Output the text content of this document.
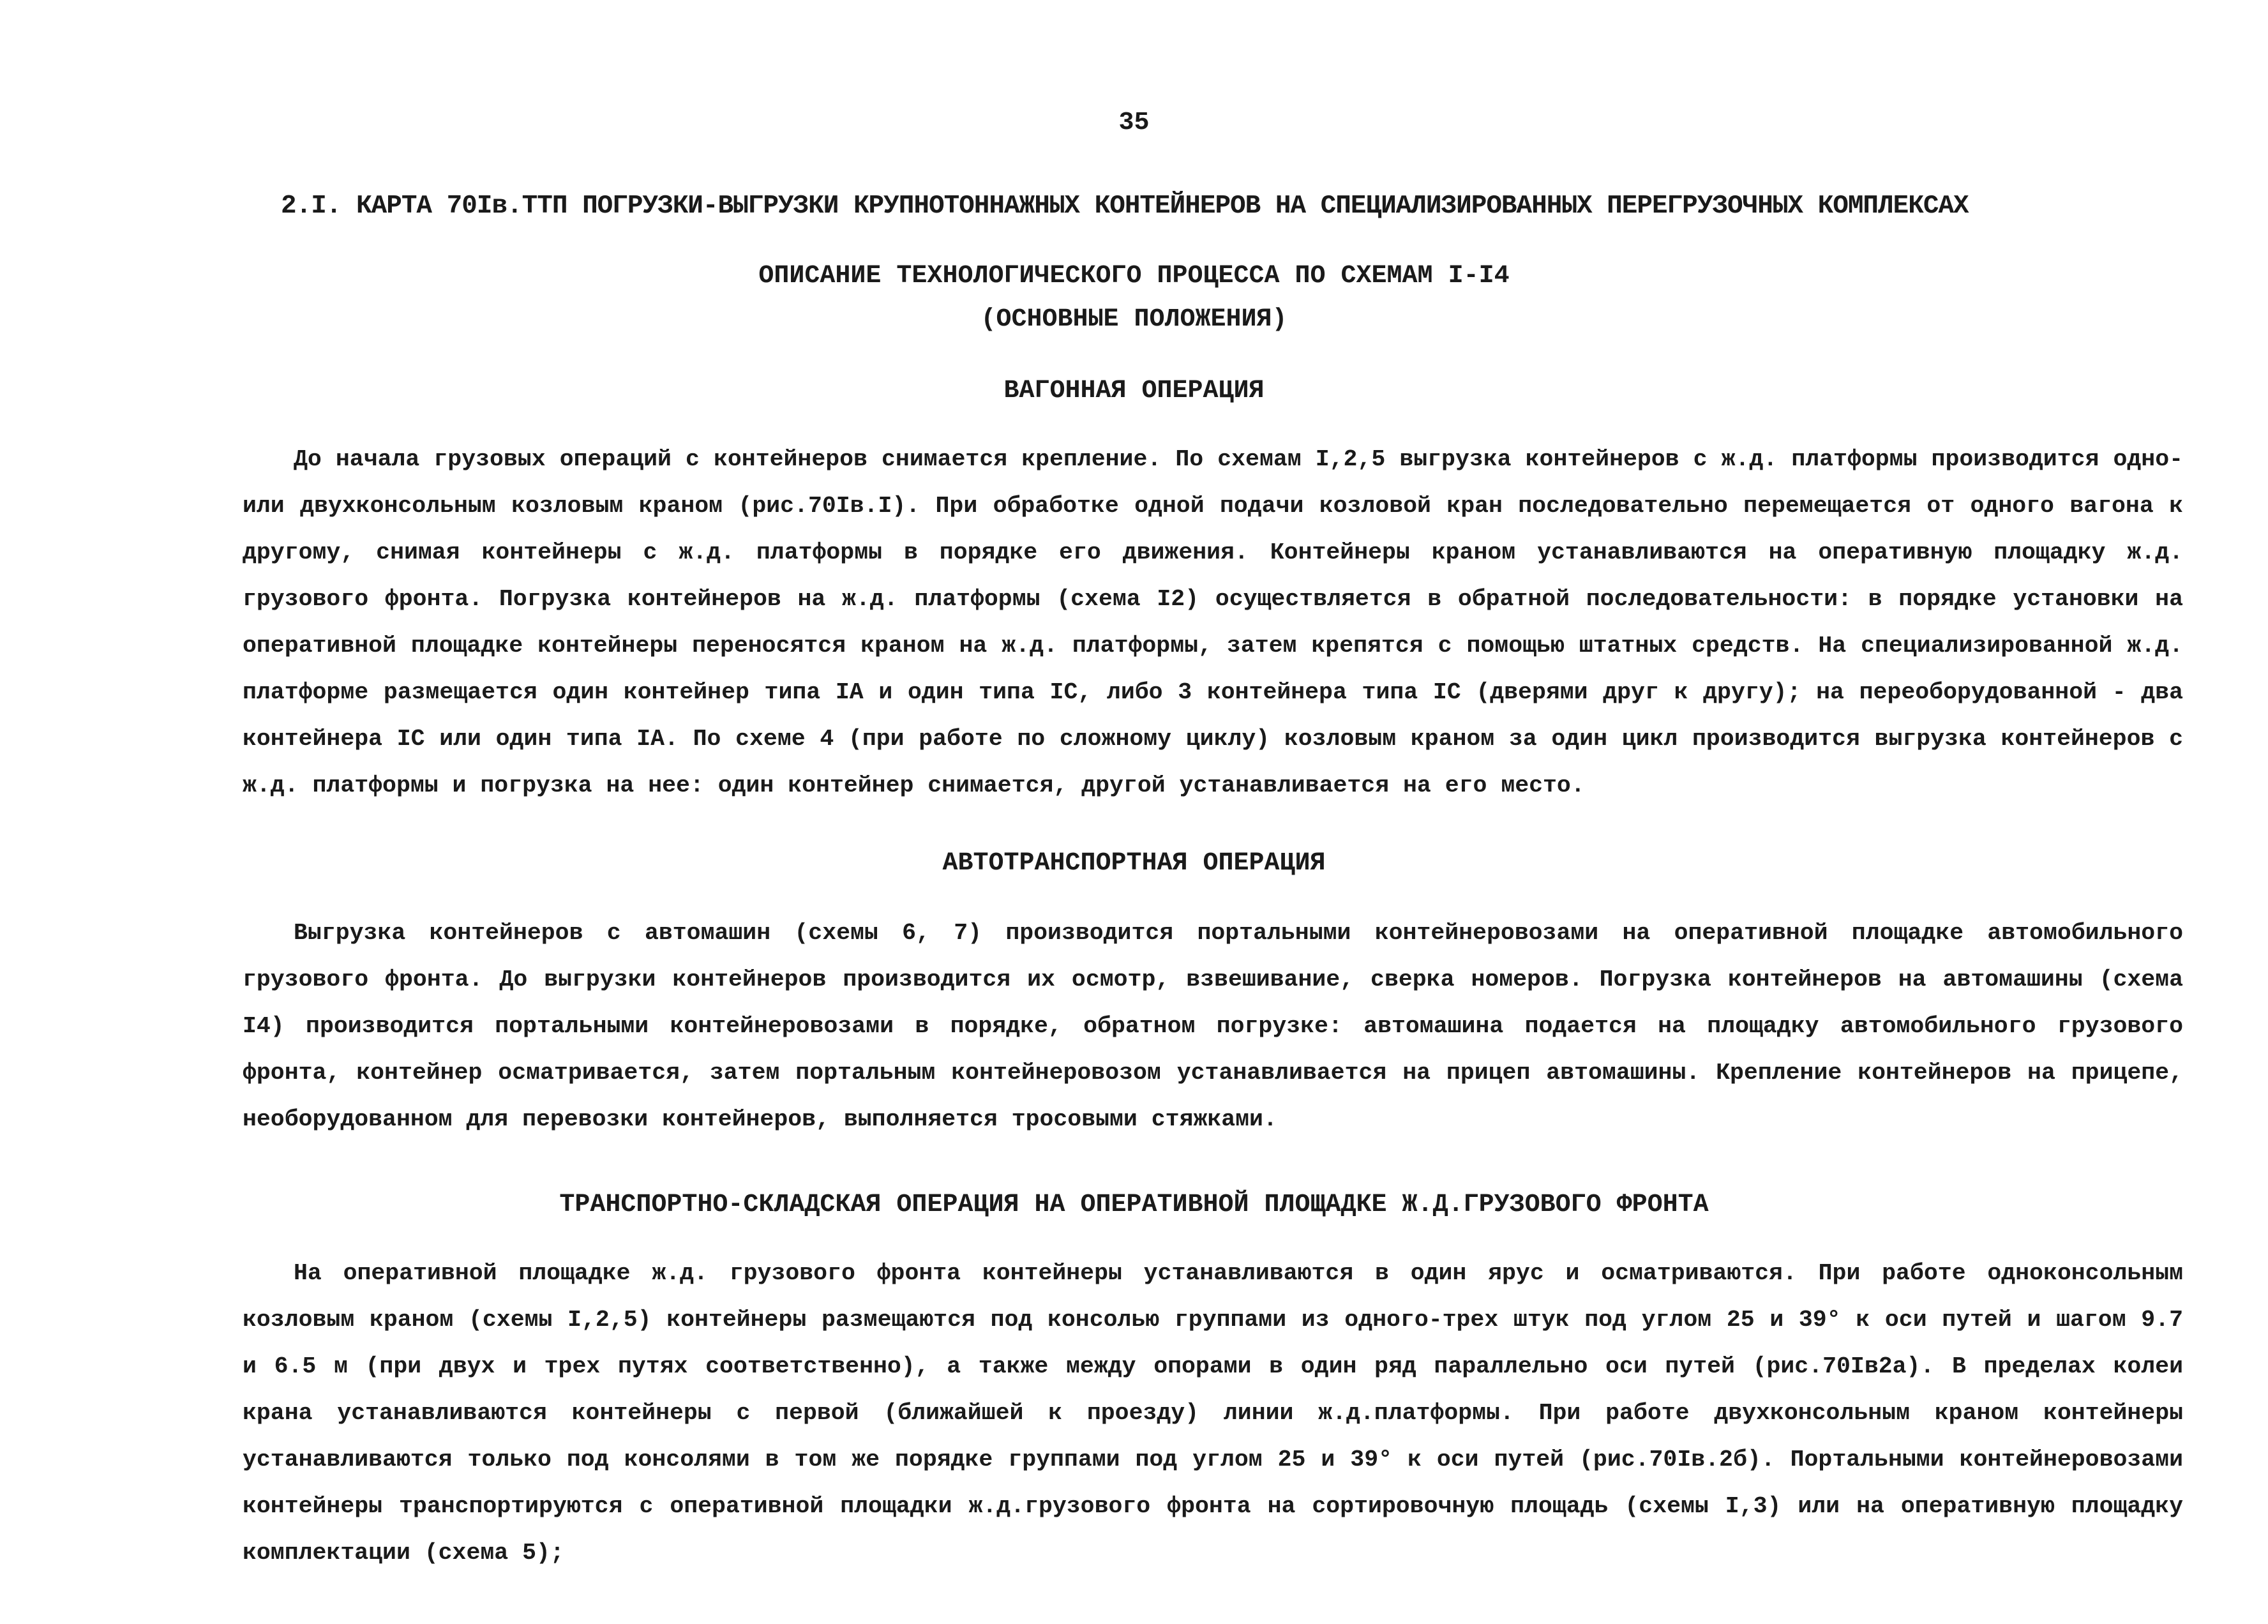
35
2.I. КАРТА 70Iв.ТТП ПОГРУЗКИ-ВЫГРУЗКИ КРУПНОТОННАЖНЫХ КОНТЕЙНЕРОВ НА СПЕЦИАЛИЗИРОВАННЫХ ПЕРЕГРУЗОЧНЫХ КОМПЛЕКСАХ
ОПИСАНИЕ ТЕХНОЛОГИЧЕСКОГО ПРОЦЕССА ПО СХЕМАМ I-I4
(ОСНОВНЫЕ ПОЛОЖЕНИЯ)
ВАГОННАЯ ОПЕРАЦИЯ

До начала грузовых операций с контейнеров снимается крепление. По схемам I,2,5 выгрузка контейнеров с ж.д. платформы производится одно- или двухконсольным козловым краном (рис.70Iв.I). При обработке одной подачи козловой кран последовательно перемещается от одного вагона к другому, снимая контейнеры с ж.д. платформы в порядке его движения. Контейнеры краном устанавливаются на оперативную площадку ж.д. грузового фронта. Погрузка контейнеров на ж.д. платформы (схема I2) осуществляется в обратной последовательности: в порядке установки на оперативной площадке контейнеры переносятся краном на ж.д. платформы, затем крепятся с помощью штатных средств. На специализированной ж.д. платформе размещается один контейнер типа IA и один типа IC, либо 3 контейнера типа IC (дверями друг к другу); на переоборудованной - два контейнера IC или один типа IA. По схеме 4 (при работе по сложному циклу) козловым краном за один цикл производится выгрузка контейнеров с ж.д. платформы и погрузка на нее: один контейнер снимается, другой устанавливается на его место.

АВТОТРАНСПОРТНАЯ ОПЕРАЦИЯ

Выгрузка контейнеров с автомашин (схемы 6, 7) производится портальными контейнеровозами на оперативной площадке автомобильного грузового фронта. До выгрузки контейнеров производится их осмотр, взвешивание, сверка номеров. Погрузка контейнеров на автомашины (схема I4) производится портальными контейнеровозами в порядке, обратном погрузке: автомашина подается на площадку автомобильного грузового фронта, контейнер осматривается, затем портальным контейнеровозом устанавливается на прицеп автомашины. Крепление контейнеров на прицепе, необорудованном для перевозки контейнеров, выполняется тросовыми стяжками.

ТРАНСПОРТНО-СКЛАДСКАЯ ОПЕРАЦИЯ НА ОПЕРАТИВНОЙ ПЛОЩАДКЕ Ж.Д.ГРУЗОВОГО ФРОНТА

На оперативной площадке ж.д. грузового фронта контейнеры устанавливаются в один ярус и осматриваются. При работе одноконсольным козловым краном (схемы I,2,5) контейнеры размещаются под консолью группами из одного-трех штук под углом 25 и 39° к оси путей и шагом 9.7 и 6.5 м (при двух и трех путях соответственно), а также между опорами в один ряд параллельно оси путей (рис.70Iв2а). В пределах колеи крана устанавливаются контейнеры с первой (ближайшей к проезду) линии ж.д.платформы. При работе двухконсольным краном контейнеры устанавливаются только под консолями в том же порядке группами под углом 25 и 39° к оси путей (рис.70Iв.2б). Портальными контейнеровозами контейнеры транспортируются с оперативной площадки ж.д.грузового фронта на сортировочную площадь (схемы I,3) или на оперативную площадку комплектации (схема 5);
